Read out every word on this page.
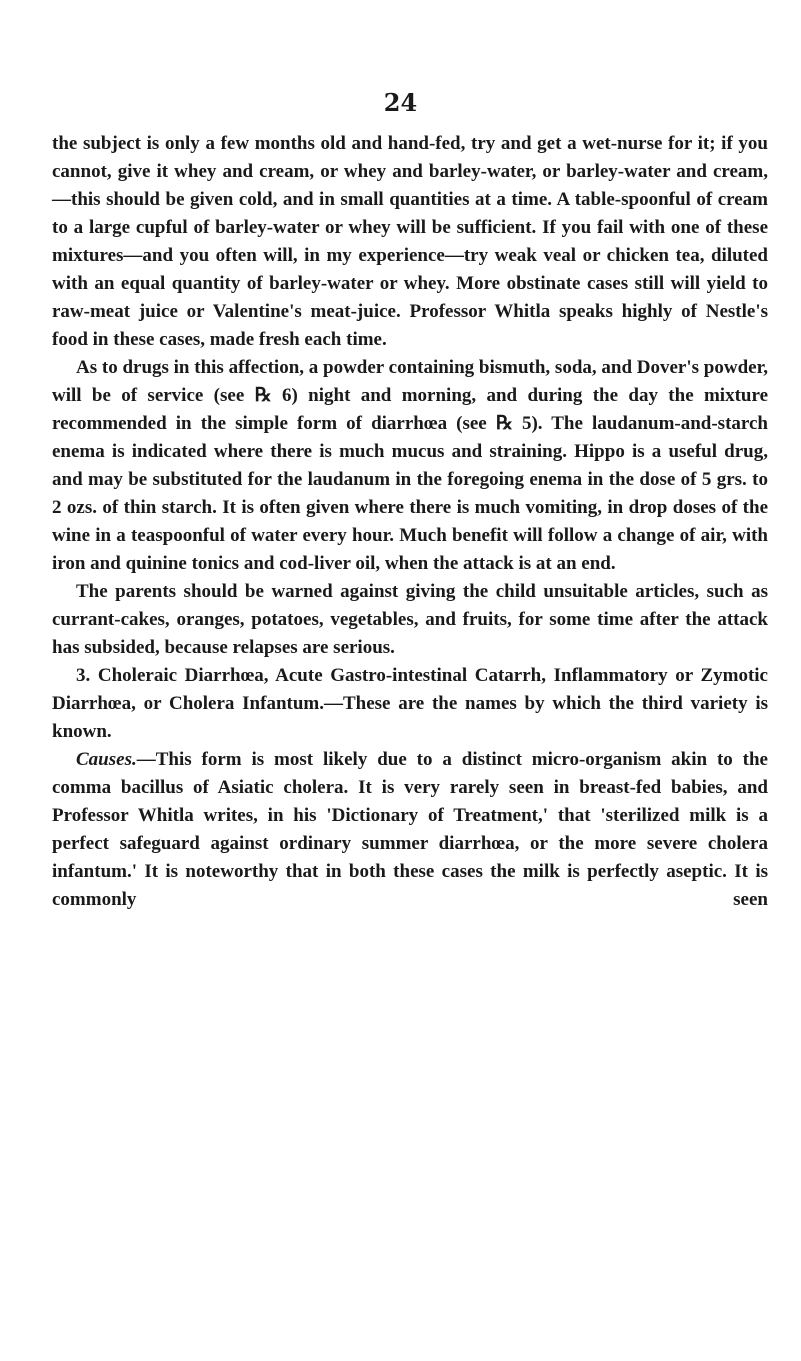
24

the subject is only a few months old and hand-fed, try and get a wet-nurse for it; if you cannot, give it whey and cream, or whey and barley-water, or barley-water and cream,—this should be given cold, and in small quantities at a time. A table-spoonful of cream to a large cupful of barley-water or whey will be sufficient. If you fail with one of these mixtures—and you often will, in my experience—try weak veal or chicken tea, diluted with an equal quantity of barley-water or whey. More obstinate cases still will yield to raw-meat juice or Valentine's meat-juice. Professor Whitla speaks highly of Nestle's food in these cases, made fresh each time.

As to drugs in this affection, a powder containing bismuth, soda, and Dover's powder, will be of service (see ℞ 6) night and morning, and during the day the mixture recommended in the simple form of diarrhœa (see ℞ 5). The laudanum-and-starch enema is indicated where there is much mucus and straining. Hippo is a useful drug, and may be substituted for the laudanum in the foregoing enema in the dose of 5 grs. to 2 ozs. of thin starch. It is often given where there is much vomiting, in drop doses of the wine in a teaspoonful of water every hour. Much benefit will follow a change of air, with iron and quinine tonics and cod-liver oil, when the attack is at an end.

The parents should be warned against giving the child unsuitable articles, such as currant-cakes, oranges, potatoes, vegetables, and fruits, for some time after the attack has subsided, because relapses are serious.

3. Choleraic Diarrhœa, Acute Gastro-intestinal Catarrh, Inflammatory or Zymotic Diarrhœa, or Cholera Infantum.—These are the names by which the third variety is known.

Causes.—This form is most likely due to a distinct micro-organism akin to the comma bacillus of Asiatic cholera. It is very rarely seen in breast-fed babies, and Professor Whitla writes, in his 'Dictionary of Treatment,' that 'sterilized milk is a perfect safeguard against ordinary summer diarrhœa, or the more severe cholera infantum.' It is noteworthy that in both these cases the milk is perfectly aseptic. It is commonly seen
